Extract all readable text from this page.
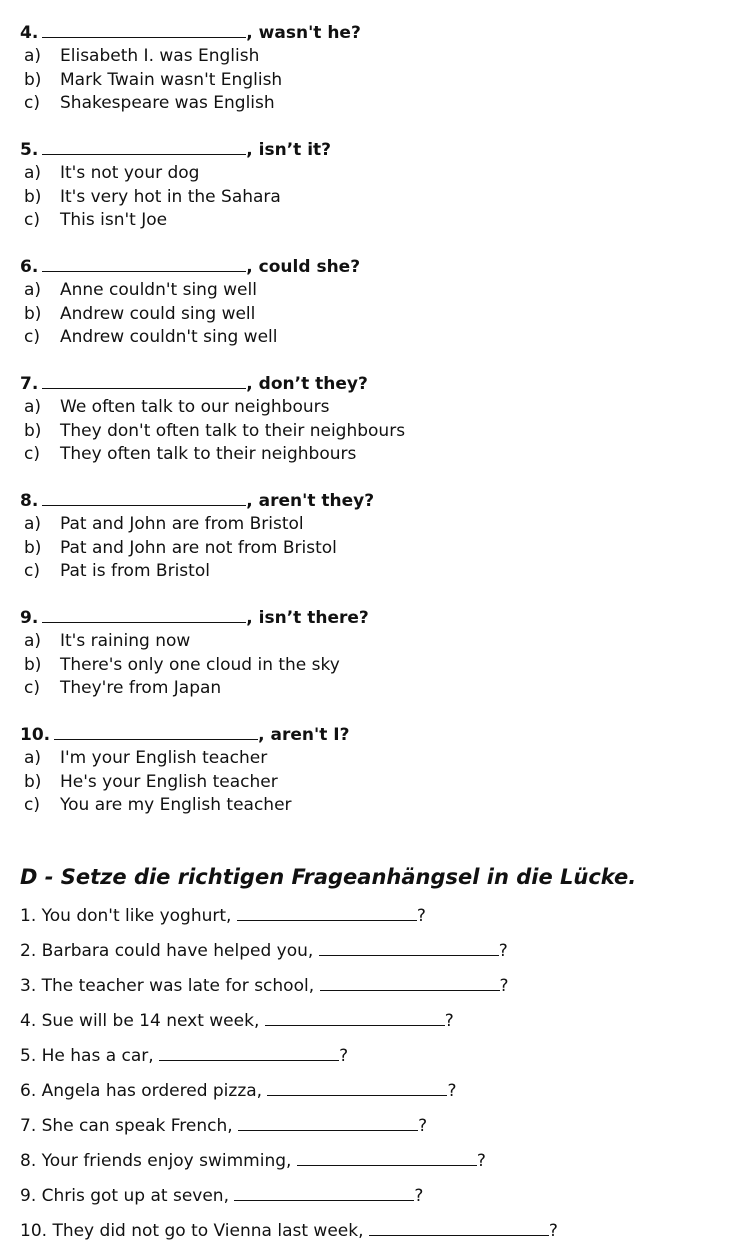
4.	, wasn't he?
a) Elisabeth I. was English
b) Mark Twain wasn't English
c) Shakespeare was English
5.	, isn’t it?
a) It's not your dog
b) It's very hot in the Sahara
c) This isn't Joe
6.	, could she?
a) Anne couldn't sing well
b) Andrew could sing well
c) Andrew couldn't sing well
7.	, don’t they?
a) We often talk to our neighbours
b) They don't often talk to their neighbours
c) They often talk to their neighbours
8.	, aren't they?
a) Pat and John are from Bristol
b) Pat and John are not from Bristol
c) Pat is from Bristol
9.	, isn’t there?
a) It's raining now
b) There's only one cloud in the sky
c) They're from Japan
10.	, aren't I?
a) I'm your English teacher
b) He's your English teacher
c) You are my English teacher
D - Setze die richtigen Frageanhängsel in die Lücke.
1. You don't like yoghurt,	?
2. Barbara could have helped you,	?
3. The teacher was late for school,	?
4. Sue will be 14 next week,	?
5. He has a car,	?
6. Angela has ordered pizza,	?
7. She can speak French,	?
8. Your friends enjoy swimming,	?
9. Chris got up at seven,	?
10. They did not go to Vienna last week,	?
